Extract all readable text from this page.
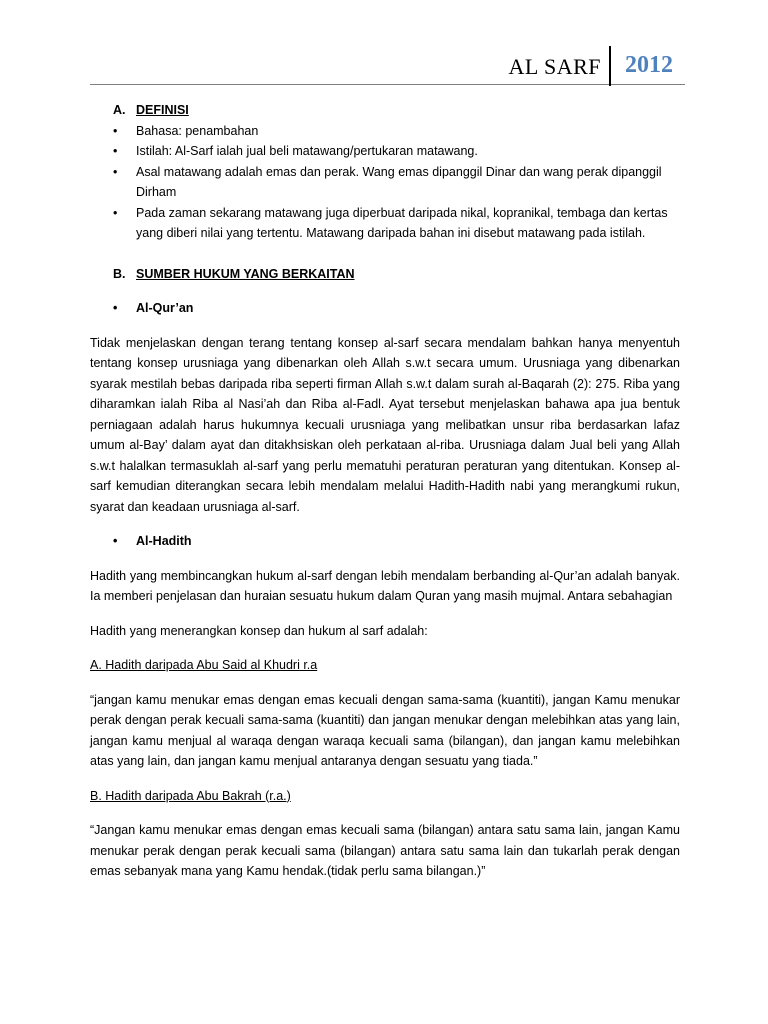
AL SARF 2012
A. DEFINISI
•	Bahasa: penambahan
•	Istilah: Al-Sarf ialah jual beli matawang/pertukaran matawang.
•	Asal matawang adalah emas dan perak. Wang emas dipanggil Dinar dan wang perak dipanggil Dirham
•	Pada zaman sekarang matawang juga diperbuat daripada nikal, kopranikal, tembaga dan kertas yang diberi nilai yang tertentu. Matawang daripada bahan ini disebut matawang pada istilah.
B. SUMBER HUKUM YANG BERKAITAN
•	Al-Qur’an

Tidak menjelaskan dengan terang tentang konsep al-sarf secara mendalam bahkan hanya menyentuh tentang konsep urusniaga yang dibenarkan oleh Allah s.w.t secara umum. Urusniaga yang dibenarkan syarak mestilah bebas daripada riba seperti firman Allah s.w.t dalam surah al-Baqarah (2): 275. Riba yang diharamkan ialah Riba al Nasi’ah dan Riba al-Fadl. Ayat tersebut menjelaskan bahawa apa jua bentuk perniagaan adalah harus hukumnya kecuali urusniaga yang melibatkan unsur riba berdasarkan lafaz umum al-Bay’ dalam ayat dan ditakhsiskan oleh perkataan al-riba. Urusniaga dalam Jual beli yang Allah s.w.t halalkan termasuklah al-sarf yang perlu mematuhi peraturan peraturan yang ditentukan. Konsep al-sarf kemudian diterangkan secara lebih mendalam melalui Hadith-Hadith nabi yang merangkumi rukun, syarat dan keadaan urusniaga al-sarf.

•	Al-Hadith

Hadith yang membincangkan hukum al-sarf dengan lebih mendalam berbanding al-Qur’an adalah banyak. Ia memberi penjelasan dan huraian sesuatu hukum dalam Quran yang masih mujmal. Antara sebahagian

Hadith yang menerangkan konsep dan hukum al sarf adalah:

A. Hadith daripada Abu Said al Khudri r.a

“jangan kamu menukar emas dengan emas kecuali dengan sama-sama (kuantiti), jangan Kamu menukar perak dengan perak kecuali sama-sama (kuantiti) dan jangan menukar dengan melebihkan atas yang lain, jangan kamu menjual al waraqa dengan waraqa kecuali sama (bilangan), dan jangan kamu melebihkan atas yang lain, dan jangan kamu menjual antaranya dengan sesuatu yang tiada.”

B. Hadith daripada Abu Bakrah (r.a.)

“Jangan kamu menukar emas dengan emas kecuali sama (bilangan) antara satu sama lain, jangan Kamu menukar perak dengan perak kecuali sama (bilangan) antara satu sama lain dan tukarlah perak dengan emas sebanyak mana yang Kamu hendak.(tidak perlu sama bilangan.)”
